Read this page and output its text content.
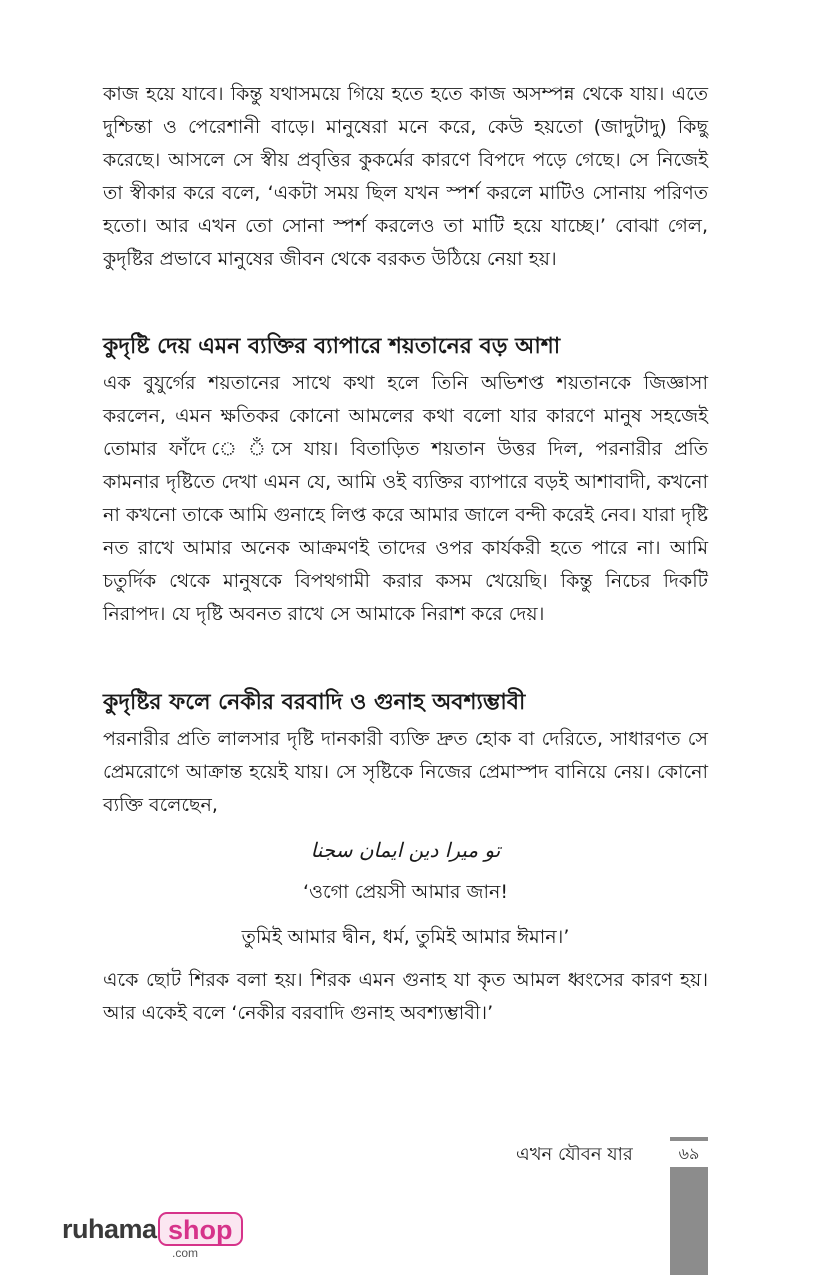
কাজ হয়ে যাবে। কিন্তু যথাসময়ে গিয়ে হতে হতে কাজ অসম্পন্ন থেকে যায়। এতে দুশ্চিন্তা ও পেরেশানী বাড়ে। মানুষেরা মনে করে, কেউ হয়তো (জাদুটাদু) কিছু করেছে। আসলে সে স্বীয় প্রবৃত্তির কুকর্মের কারণে বিপদে পড়ে গেছে। সে নিজেই তা স্বীকার করে বলে, ‘একটা সময় ছিল যখন স্পর্শ করলে মাটিও সোনায় পরিণত হতো। আর এখন তো সোনা স্পর্শ করলেও তা মাটি হয়ে যাচ্ছে।’ বোঝা গেল, কুদৃষ্টির প্রভাবে মানুষের জীবন থেকে বরকত উঠিয়ে নেয়া হয়।

কুদৃষ্টি দেয় এমন ব্যক্তির ব্যাপারে শয়তানের বড় আশা

এক বুযুর্গের শয়তানের সাথে কথা হলে তিনি অভিশপ্ত শয়তানকে জিজ্ঞাসা করলেন, এমন ক্ষতিকর কোনো আমলের কথা বলো যার কারণে মানুষ সহজেই তোমার ফাঁদে ে ঁসে যায়। বিতাড়িত শয়তান উত্তর দিল, পরনারীর প্রতি কামনার দৃষ্টিতে দেখা এমন যে, আমি ওই ব্যক্তির ব্যাপারে বড়ই আশাবাদী, কখনো না কখনো তাকে আমি গুনাহে লিপ্ত করে আমার জালে বন্দী করেই নেব। যারা দৃষ্টি নত রাখে আমার অনেক আক্রমণই তাদের ওপর কার্যকরী হতে পারে না। আমি চতুর্দিক থেকে মানুষকে বিপথগামী করার কসম খেয়েছি। কিন্তু নিচের দিকটি নিরাপদ। যে দৃষ্টি অবনত রাখে সে আমাকে নিরাশ করে দেয়।

কুদৃষ্টির ফলে নেকীর বরবাদি ও গুনাহ অবশ্যম্ভাবী

পরনারীর প্রতি লালসার দৃষ্টি দানকারী ব্যক্তি দ্রুত হোক বা দেরিতে, সাধারণত সে প্রেমরোগে আক্রান্ত হয়েই যায়। সে সৃষ্টিকে নিজের প্রেমাস্পদ বানিয়ে নেয়। কোনো ব্যক্তি বলেছেন,

تو میرا دین ایمان سجنا
‘ওগো প্রেয়সী আমার জান!
তুমিই আমার দ্বীন, ধর্ম, তুমিই আমার ঈমান।’

একে ছোট শিরক বলা হয়। শিরক এমন গুনাহ যা কৃত আমল ধ্বংসের কারণ হয়। আর একেই বলে ‘নেকীর বরবাদি গুনাহ অবশ্যম্ভাবী।’

এখন যৌবন যার	৬৯
ruhama shop
.com
